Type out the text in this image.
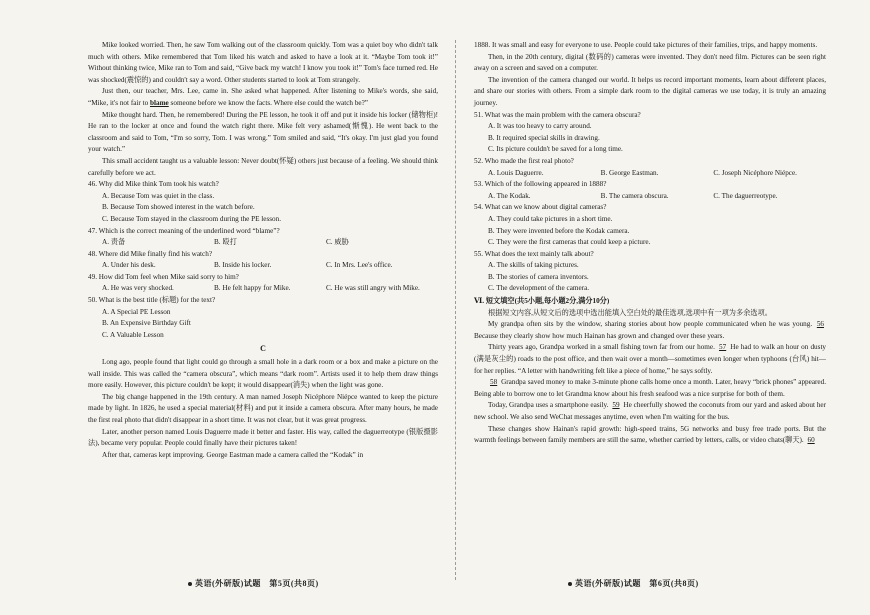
Mike looked worried. Then, he saw Tom walking out of the classroom quickly. Tom was a quiet boy who didn't talk much with others. Mike remembered that Tom liked his watch and asked to have a look at it. “Maybe Tom took it!” Without thinking twice, Mike ran to Tom and said, “Give back my watch! I know you took it!” Tom's face turned red. He was shocked(震惊的) and couldn't say a word. Other students started to look at Tom strangely.

Just then, our teacher, Mrs. Lee, came in. She asked what happened. After listening to Mike's words, she said, “Mike, it's not fair to blame someone before we know the facts. Where else could the watch be?”

Mike thought hard. Then, he remembered! During the PE lesson, he took it off and put it inside his locker (储物柜)! He ran to the locker at once and found the watch right there. Mike felt very ashamed(惭愧). He went back to the classroom and said to Tom, “I'm so sorry, Tom. I was wrong.” Tom smiled and said, “It's okay. I'm just glad you found your watch.”

This small accident taught us a valuable lesson: Never doubt(怀疑) others just because of a feeling. We should think carefully before we act.

46. Why did Mike think Tom took his watch?

A. Because Tom was quiet in the class.

B. Because Tom showed interest in the watch before.

C. Because Tom stayed in the classroom during the PE lesson.

47. Which is the correct meaning of the underlined word “blame”?

A. 责备	B. 殴打	C. 威胁

48. Where did Mike finally find his watch?

A. Under his desk.	B. Inside his locker.	C. In Mrs. Lee's office.

49. How did Tom feel when Mike said sorry to him?

A. He was very shocked.	B. He felt happy for Mike.	C. He was still angry with Mike.

50. What is the best title (标题) for the text?

A. A Special PE Lesson

B. An Expensive Birthday Gift

C. A Valuable Lesson

C

Long ago, people found that light could go through a small hole in a dark room or a box and make a picture on the wall inside. This was called the “camera obscura”, which means “dark room”. Artists used it to help them draw things more easily. However, this picture couldn't be kept; it would disappear(消失) when the light was gone.

The big change happened in the 19th century. A man named Joseph Nicéphore Niépce wanted to keep the picture made by light. In 1826, he used a special material(材料) and put it inside a camera obscura. After many hours, he made the first real photo that didn't disappear in a short time. It was not clear, but it was great progress.

Later, another person named Louis Daguerre made it better and faster. His way, called the daguerreotype (银版摄影法), became very popular. People could finally have their pictures taken!

After that, cameras kept improving. George Eastman made a camera called the “Kodak” in

1888. It was small and easy for everyone to use. People could take pictures of their families, trips, and happy moments.

Then, in the 20th century, digital (数码的) cameras were invented. They don't need film. Pictures can be seen right away on a screen and saved on a computer.

The invention of the camera changed our world. It helps us record important moments, learn about different places, and share our stories with others. From a simple dark room to the digital cameras we use today, it is truly an amazing journey.

51. What was the main problem with the camera obscura?

A. It was too heavy to carry around.

B. It required special skills in drawing.

C. Its picture couldn't be saved for a long time.

52. Who made the first real photo?

A. Louis Daguerre.	B. George Eastman.	C. Joseph Nicéphore Niépce.

53. Which of the following appeared in 1888?

A. The Kodak.	B. The camera obscura.	C. The daguerreotype.

54. What can we know about digital cameras?

A. They could take pictures in a short time.

B. They were invented before the Kodak camera.

C. They were the first cameras that could keep a picture.

55. What does the text mainly talk about?

A. The skills of taking pictures.

B. The stories of camera inventors.

C. The development of the camera.

Ⅵ. 短文填空(共5小题,每小题2分,满分10分)

根据短文内容,从短文后的选项中选出能填入空白处的最佳选项,选项中有一项为多余选项。

My grandpa often sits by the window, sharing stories about how people communicated when he was young. 56 Because they clearly show how much Hainan has grown and changed over these years.

Thirty years ago, Grandpa worked in a small fishing town far from our home. 57 He had to walk an hour on dusty (满是灰尘的) roads to the post office, and then wait over a month—sometimes even longer when typhoons (台风) hit—for her replies. “A letter with handwriting felt like a piece of home,” he says softly.

58 Grandpa saved money to make 3-minute phone calls home once a month. Later, heavy “brick phones” appeared. Being able to borrow one to let Grandma know about his fresh seafood was a nice surprise for both of them.

Today, Grandpa uses a smartphone easily. 59 He cheerfully showed the coconuts from our yard and asked about her new school. We also send WeChat messages anytime, even when I'm waiting for the bus.

These changes show Hainan's rapid growth: high-speed trains, 5G networks and busy free trade ports. But the warmth feelings between family members are still the same, whether carried by letters, calls, or video chats(聊天). 60

英语(外研版)试题　第5页(共8页)	英语(外研版)试题　第6页(共8页)
